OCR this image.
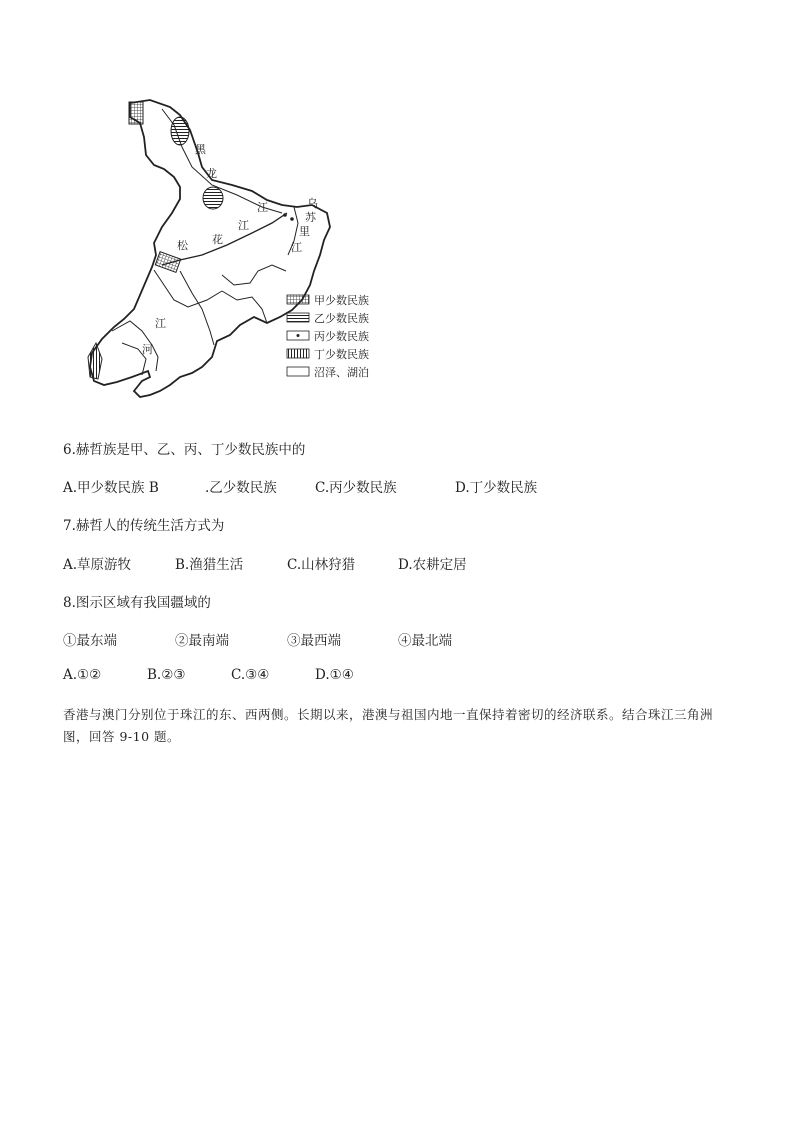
黑
龙
江
江
乌
苏
里
江
松 花
江
河
甲少数民族
乙少数民族
丙少数民族
丁少数民族
沼泽、湖泊
6.赫哲族是甲、乙、丙、丁少数民族中的
A.甲少数民族 B	.乙少数民族	C.丙少数民族	D.丁少数民族
7.赫哲人的传统生活方式为
A.草原游牧	B.渔猎生活	C.山林狩猎	D.农耕定居
8.图示区域有我国疆域的
①最东端	②最南端	③最西端	④最北端
A.①②	B.②③	C.③④	D.①④
香港与澳门分别位于珠江的东、西两侧。长期以来，港澳与祖国内地一直保持着密切的经济联系。结合珠江三角洲图，回答 9-10 题。
